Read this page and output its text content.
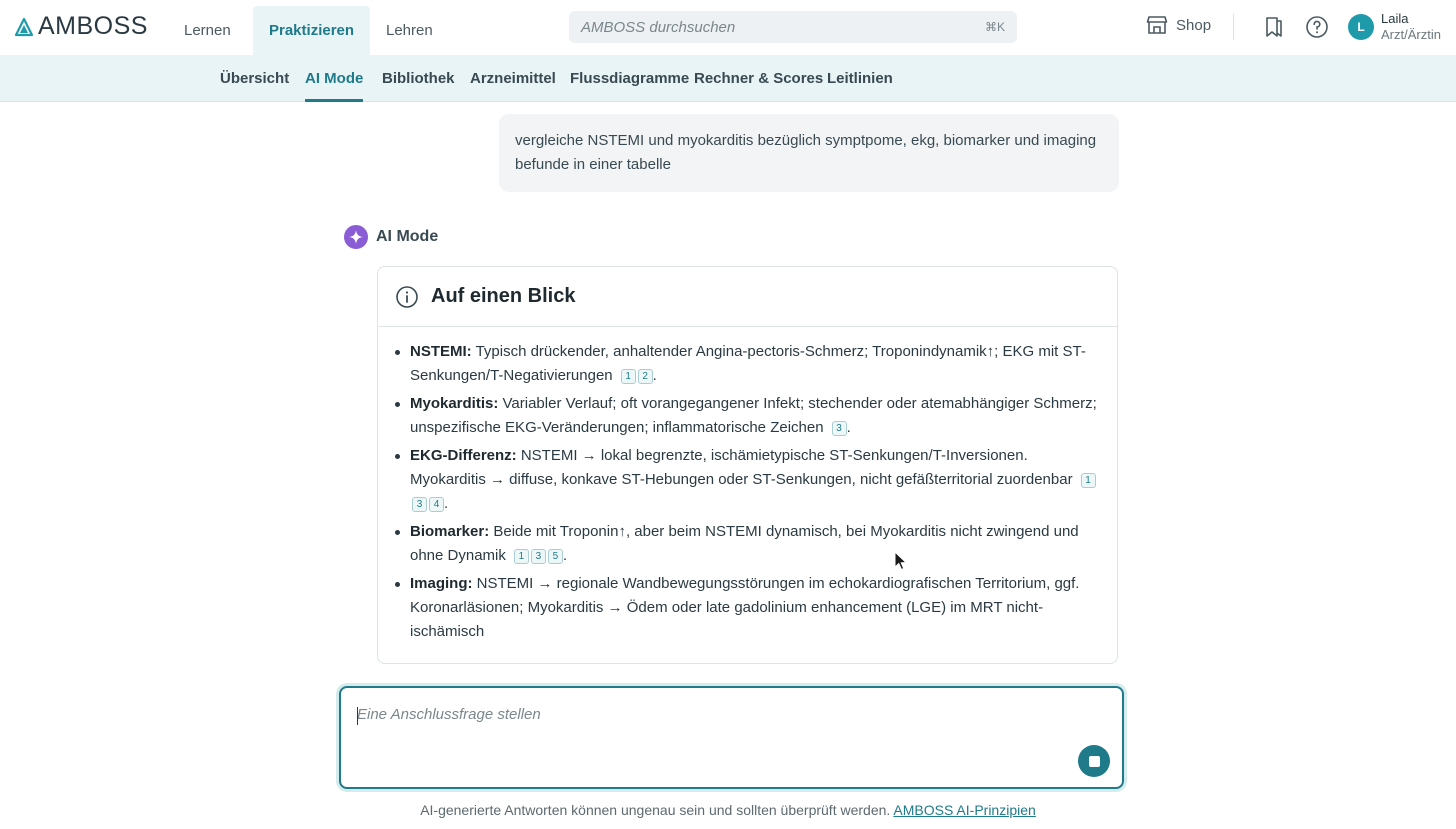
AMBOSS	Lernen	Praktizieren	Lehren	AMBOSS durchsuchen	⌘K	Shop	L
Laila
Arzt/Ärztin
Übersicht AI Mode Bibliothek Arzneimittel Flussdiagramme Rechner & Scores Leitlinien
vergleiche NSTEMI und myokarditis bezüglich symptpome, ekg, biomarker und imaging befunde in einer tabelle
AI Mode
Auf einen Blick
NSTEMI: Typisch drückender, anhaltender Angina-pectoris-Schmerz; Troponindynamik↑; EKG mit ST-Senkungen/T-Negativierungen 1 2 .
Myokarditis: Variabler Verlauf; oft vorangegangener Infekt; stechender oder atemabhängiger Schmerz; unspezifische EKG-Veränderungen; inflammatorische Zeichen 3 .
EKG-Differenz: NSTEMI → lokal begrenzte, ischämietypische ST-Senkungen/T-Inversionen. Myokarditis → diffuse, konkave ST-Hebungen oder ST-Senkungen, nicht gefäßterritorial zuordenbar 13 4 .
Biomarker: Beide mit Troponin↑, aber beim NSTEMI dynamisch, bei Myokarditis nicht zwingend und ohne Dynamik 1 3 5 .
Imaging: NSTEMI → regionale Wandbewegungsstörungen im echokardiografischen Territorium, ggf. Koronarläsionen; Myokarditis → Ödem oder late gadolinium enhancement (LGE) im MRT nicht-ischämisch
Eine Anschlussfrage stellen
AI-generierte Antworten können ungenau sein und sollten überprüft werden. AMBOSS AI-Prinzipien
